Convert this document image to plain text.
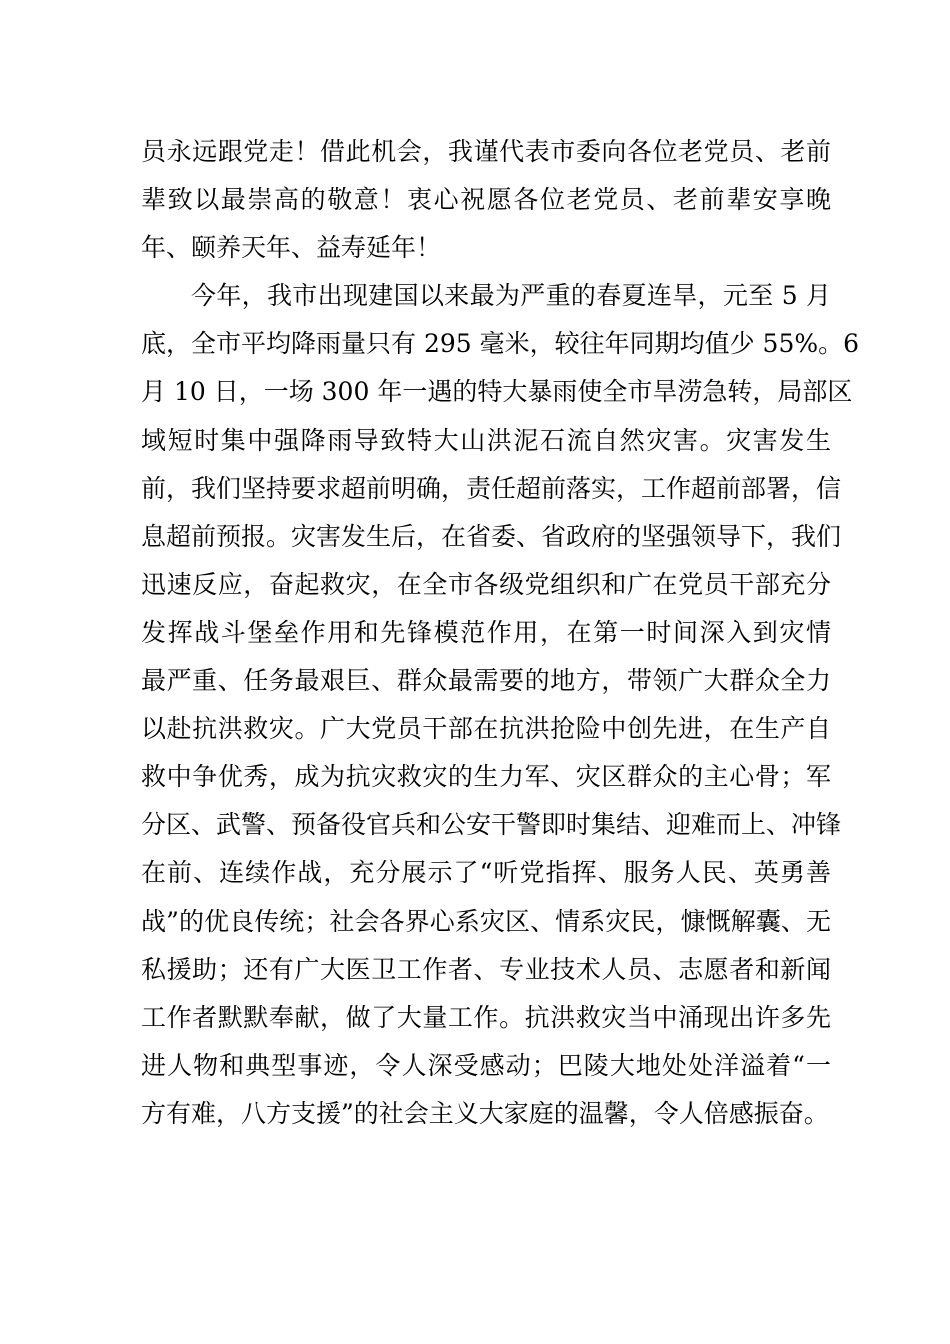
员永远跟党走！借此机会，我谨代表市委向各位老党员、老前
辈致以最崇高的敬意！衷心祝愿各位老党员、老前辈安享晚
年、颐养天年、益寿延年！
今年，我市出现建国以来最为严重的春夏连旱，元至 5 月
底，全市平均降雨量只有 295 毫米，较往年同期均值少 55%。6
月 10 日，一场 300 年一遇的特大暴雨使全市旱涝急转，局部区
域短时集中强降雨导致特大山洪泥石流自然灾害。灾害发生
前，我们坚持要求超前明确，责任超前落实，工作超前部署，信
息超前预报。灾害发生后，在省委、省政府的坚强领导下，我们
迅速反应，奋起救灾，在全市各级党组织和广在党员干部充分
发挥战斗堡垒作用和先锋模范作用，在第一时间深入到灾情
最严重、任务最艰巨、群众最需要的地方，带领广大群众全力
以赴抗洪救灾。广大党员干部在抗洪抢险中创先进，在生产自
救中争优秀，成为抗灾救灾的生力军、灾区群众的主心骨；军
分区、武警、预备役官兵和公安干警即时集结、迎难而上、冲锋
在前、连续作战，充分展示了“听党指挥、服务人民、英勇善
战”的优良传统；社会各界心系灾区、情系灾民，慷慨解囊、无
私援助；还有广大医卫工作者、专业技术人员、志愿者和新闻
工作者默默奉献，做了大量工作。抗洪救灾当中涌现出许多先
进人物和典型事迹，令人深受感动；巴陵大地处处洋溢着“一
方有难，八方支援”的社会主义大家庭的温馨，令人倍感振奋。
